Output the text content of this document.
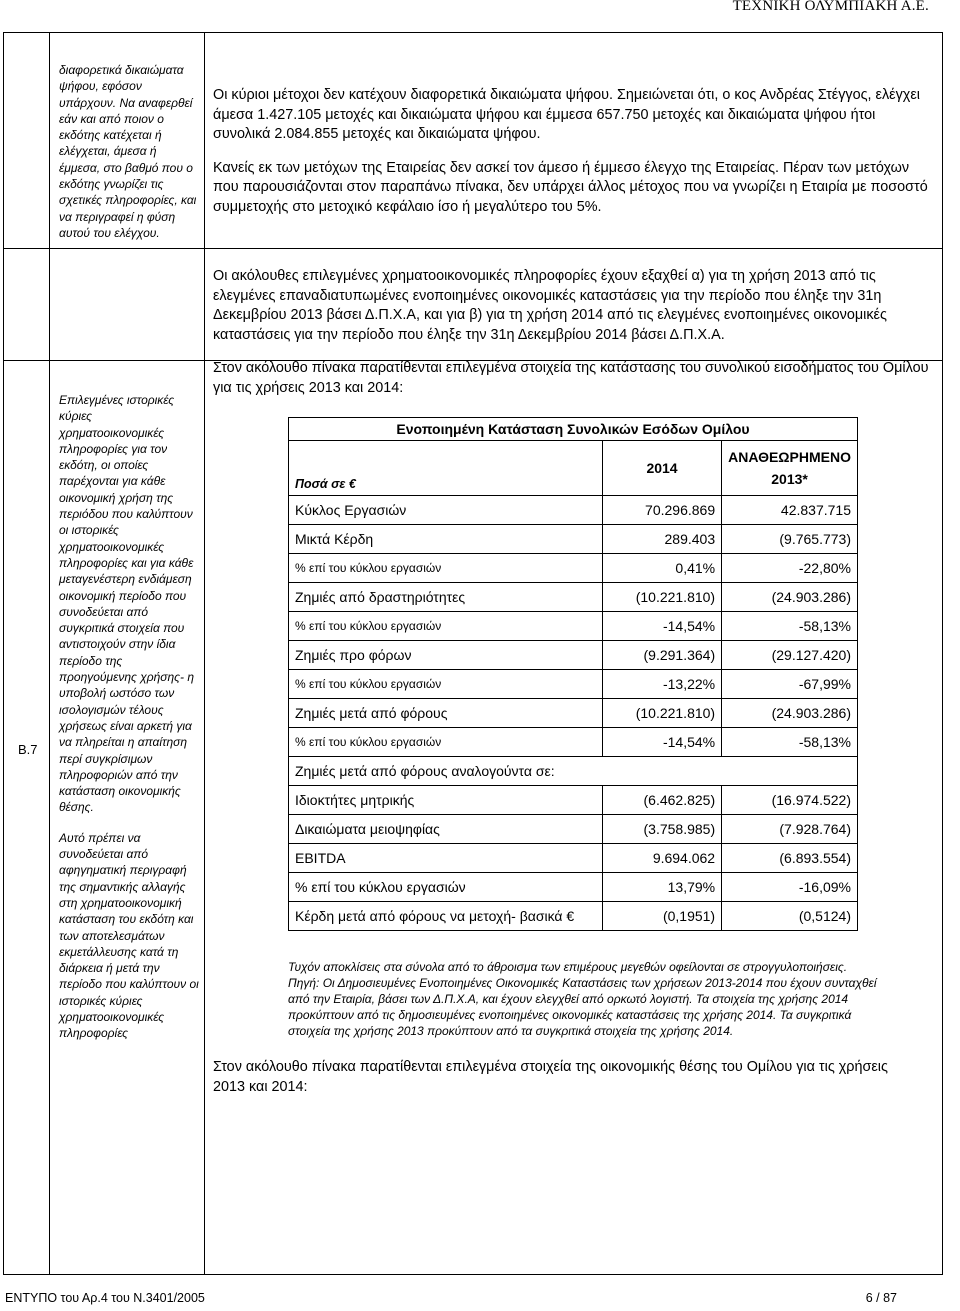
ΤΕΧΝΙΚΗ ΟΛΥΜΠΙΑΚΗ Α.Ε.
B.7

διαφορετικά δικαιώματα ψήφου, εφόσον υπάρχουν. Να αναφερθεί εάν και από ποιον ο εκδότης κατέχεται ή ελέγχεται, άμεσα ή έμμεσα, στο βαθμό που ο εκδότης γνωρίζει τις σχετικές πληροφορίες, και να περιγραφεί η φύση αυτού του ελέγχου.

Επιλεγμένες ιστορικές κύριες χρηματοοικονομικές πληροφορίες για τον εκδότη, οι οποίες παρέχονται για κάθε οικονομική χρήση της περιόδου που καλύπτουν οι ιστορικές χρηματοοικονομικές πληροφορίες και για κάθε μεταγενέστερη ενδιάμεση οικονομική περίοδο που συνοδεύεται από συγκριτικά στοιχεία που αντιστοιχούν στην ίδια περίοδο της προηγούμενης χρήσης- η υποβολή ωστόσο των ισολογισμών τέλους χρήσεως είναι αρκετή για να πληρείται η απαίτηση περί συγκρίσιμων πληροφοριών από την κατάσταση οικονομικής θέσης.

Αυτό πρέπει να συνοδεύεται από αφηγηματική περιγραφή της σημαντικής αλλαγής στη χρηματοοικονομική κατάσταση του εκδότη και των αποτελεσμάτων εκμετάλλευσης κατά τη διάρκεια ή μετά την περίοδο που καλύπτουν οι ιστορικές κύριες χρηματοοικονομικές πληροφορίες

Οι κύριοι μέτοχοι δεν κατέχουν διαφορετικά δικαιώματα ψήφου. Σημειώνεται ότι, ο κος Ανδρέας Στέγγος, ελέγχει άμεσα 1.427.105 μετοχές και δικαιώματα ψήφου και έμμεσα 657.750 μετοχές και δικαιώματα ψήφου ήτοι συνολικά 2.084.855 μετοχές και δικαιώματα ψήφου.

Κανείς εκ των μετόχων της Εταιρείας δεν ασκεί τον άμεσο ή έμμεσο έλεγχο της Εταιρείας. Πέραν των μετόχων που παρουσιάζονται στον παραπάνω πίνακα, δεν υπάρχει άλλος μέτοχος που να γνωρίζει η Εταιρία με ποσοστό συμμετοχής στο μετοχικό κεφάλαιο ίσο ή μεγαλύτερο του 5%.

Οι ακόλουθες επιλεγμένες χρηματοοικονομικές πληροφορίες έχουν εξαχθεί α) για τη χρήση 2013 από τις ελεγμένες επαναδιατυπωμένες ενοποιημένες οικονομικές καταστάσεις για την περίοδο που έληξε την 31η Δεκεμβρίου 2013 βάσει Δ.Π.Χ.Α, και για β) για τη χρήση 2014 από τις ελεγμένες ενοποιημένες οικονομικές καταστάσεις για την περίοδο που έληξε την 31η Δεκεμβρίου 2014 βάσει Δ.Π.Χ.Α.

Στον ακόλουθο πίνακα παρατίθενται επιλεγμένα στοιχεία της κατάστασης του συνολικού εισοδήματος του Ομίλου για τις χρήσεις 2013 και 2014:

Ενοποιημένη Κατάσταση Συνολικών Εσόδων Ομίλου		
Ποσά σε €	2014	ΑΝΑΘΕΩΡΗΜΕΝΟ
2013*

Κύκλος Εργασιών	70.296.869	42.837.715
Μικτά Κέρδη	289.403	(9.765.773)
% επί του κύκλου εργασιών	0,41%	-22,80%
Ζημιές από δραστηριότητες	(10.221.810)	(24.903.286)
% επί του κύκλου εργασιών	-14,54%	-58,13%
Ζημιές προ φόρων	(9.291.364)	(29.127.420)
% επί του κύκλου εργασιών	-13,22%	-67,99%
Ζημιές μετά από φόρους	(10.221.810)	(24.903.286)
% επί του κύκλου εργασιών	-14,54%	-58,13%
Ζημιές μετά από φόρους αναλογούντα σε:		
Ιδιοκτήτες μητρικής	(6.462.825)	(16.974.522)
Δικαιώματα μειοψηφίας	(3.758.985)	(7.928.764)
EBITDA	9.694.062	(6.893.554)
% επί του κύκλου εργασιών	13,79%	-16,09%
Κέρδη μετά από φόρους να μετοχή- βασικά €	(0,1951)	(0,5124)

Τυχόν αποκλίσεις στα σύνολα από το άθροισμα των επιμέρους μεγεθών οφείλονται σε στρογγυλοποιήσεις.

Πηγή: Οι Δημοσιευμένες Ενοποιημένες Οικονομικές Καταστάσεις των χρήσεων 2013-2014 που έχουν συνταχθεί από την Εταιρία, βάσει των Δ.Π.Χ.Α, και έχουν ελεγχθεί από ορκωτό λογιστή. Τα στοιχεία της χρήσης 2014 προκύπτουν από τις δημοσιευμένες ενοποιημένες οικονομικές καταστάσεις της χρήσης 2014. Τα συγκριτικά στοιχεία της χρήσης 2013 προκύπτουν από τα συγκριτικά στοιχεία της χρήσης 2014.

Στον ακόλουθο πίνακα παρατίθενται επιλεγμένα στοιχεία της οικονομικής θέσης του Ομίλου για τις χρήσεις 2013 και 2014:
ΕΝΤΥΠΟ του Αρ.4 του Ν.3401/2005	6 / 87
